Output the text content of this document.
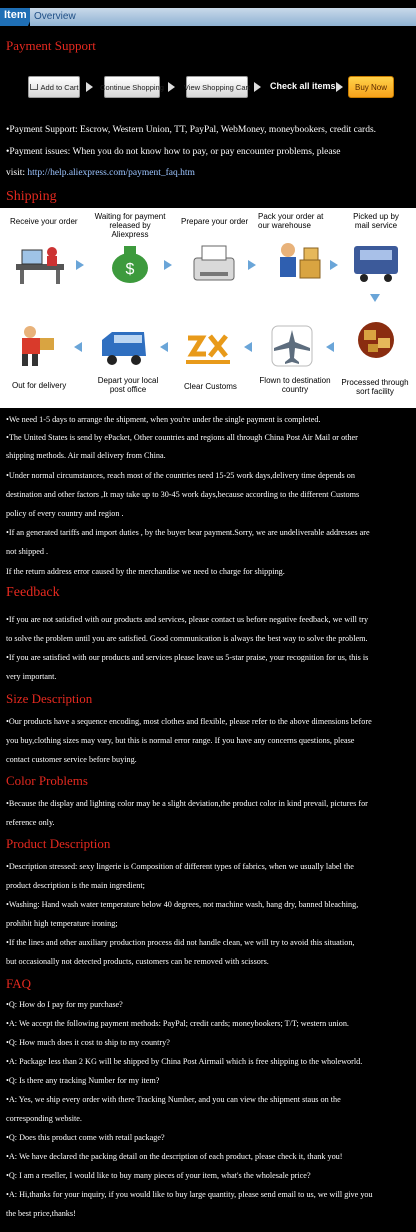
Item Overview
Payment Support
Add to Cart	Continue Shopping	View Shopping Cart Check all items	Buy Now
•Payment Support: Escrow, Western Union, TT, PayPal, WebMoney, moneybookers, credit cards.
•Payment issues: When you do not know how to pay, or pay encounter problems, please
visit: http://help.aliexpress.com/payment_faq.htm
Shipping
Receive your order
Waiting for payment released by Aliexpress
Prepare your order
Pack your order at our warehouse
Picked up by mail service
$
Out for delivery
Depart your local post office	Clear Customs
Flown to destination country
Processed through sort facility
•We need 1-5 days to arrange the shipment, when you're under the single payment is completed.
•The United States is send by ePacket, Other countries and regions all through China Post Air Mail or other
shipping methods. Air mail delivery from China.
•Under normal circumstances, reach most of the countries need 15-25 work days,delivery time depends on
destination and other factors ,It may take up to 30-45 work days,because according to the different Customs
policy of every country and region .
•If an generated tariffs and import duties , by the buyer bear payment.Sorry, we are undeliverable addresses are
not shipped .
If the return address error caused by the merchandise we need to charge for shipping.
Feedback
•If you are not satisfied with our products and services, please contact us before negative feedback, we will try
to solve the problem until you are satisfied. Good communication is always the best way to solve the problem.
•If you are satisfied with our products and services please leave us 5-star praise, your recognition for us, this is
very important.
Size Description
•Our products have a sequence encoding, most clothes and flexible, please refer to the above dimensions before
you buy,clothing sizes may vary, but this is normal error range. If you have any concerns questions, please
contact customer service before buying.
Color Problems
•Because the display and lighting color may be a slight deviation,the product color in kind prevail, pictures for
reference only.
Product Description
•Description stressed: sexy lingerie is Composition of different types of fabrics, when we usually label the
product description is the main ingredient;
•Washing: Hand wash water temperature below 40 degrees, not machine wash, hang dry, banned bleaching,
prohibit high temperature ironing;
•If the lines and other auxiliary production process did not handle clean, we will try to avoid this situation,
but occasionally not detected products, customers can be removed with scissors.
FAQ
•Q: How do I pay for my purchase?
•A: We accept the following payment methods: PayPal; credit cards; moneybookers; T/T; western union.
•Q: How much does it cost to ship to my country?
•A: Package less than 2 KG will be shipped by China Post Airmail which is free shipping to the wholeworld.
•Q: Is there any tracking Number for my item?
•A: Yes, we ship every order with there Tracking Number, and you can view the shipment staus on the
corresponding website.
•Q: Does this product come with retail package?
•A: We have declared the packing detail on the description of each product, please check it, thank you!
•Q: I am a reseller, I would like to buy many pieces of your item, what's the wholesale price?
•A: Hi,thanks for your inquiry, if you would like to buy large quantity, please send email to us, we will give you
the best price,thanks!
